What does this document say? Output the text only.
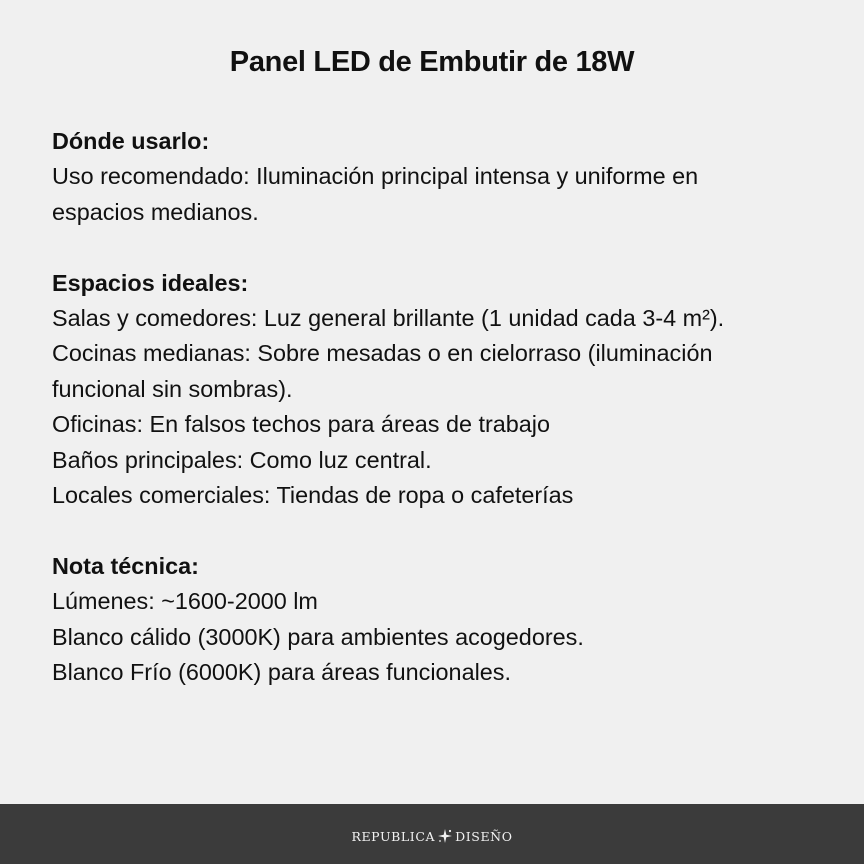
Panel LED de Embutir de 18W
Dónde usarlo:
Uso recomendado: Iluminación principal intensa y uniforme en
espacios medianos.
Espacios ideales:
Salas y comedores: Luz general brillante (1 unidad cada 3-4 m²).
Cocinas medianas: Sobre mesadas o en cielorraso (iluminación
funcional sin sombras).
Oficinas: En falsos techos para áreas de trabajo
Baños principales: Como luz central.
Locales comerciales: Tiendas de ropa o cafeterías
Nota técnica:
Lúmenes: ~1600-2000 lm
Blanco cálido (3000K) para ambientes acogedores.
Blanco Frío (6000K) para áreas funcionales.
REPUBLICA DISEÑO
